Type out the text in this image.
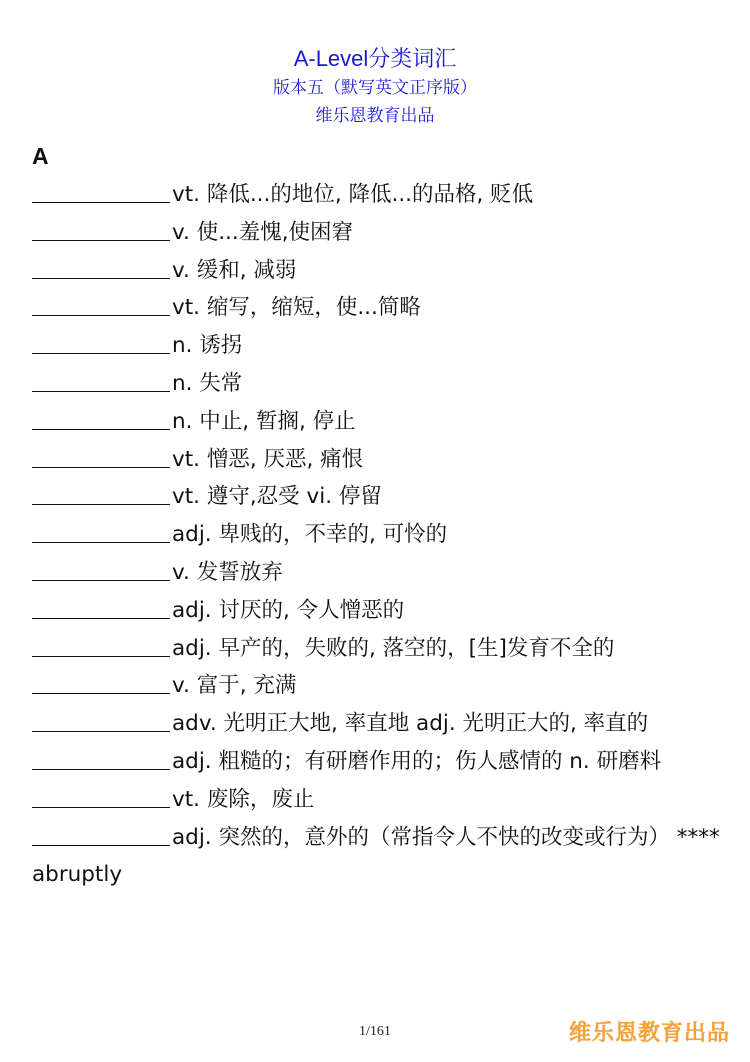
A-Level分类词汇

版本五（默写英文正序版）

维乐恩教育出品

A

vt. 降低...的地位, 降低...的品格, 贬低

v. 使...羞愧,使困窘

v. 缓和, 减弱

vt. 缩写，缩短，使...简略

n. 诱拐

n. 失常

n. 中止, 暂搁, 停止

vt. 憎恶, 厌恶, 痛恨

vt. 遵守,忍受 vi. 停留

adj. 卑贱的，不幸的, 可怜的

v. 发誓放弃

adj. 讨厌的, 令人憎恶的

adj. 早产的，失败的, 落空的，[生]发育不全的

v. 富于, 充满

adv. 光明正大地, 率直地 adj. 光明正大的, 率直的

adj. 粗糙的；有研磨作用的；伤人感情的 n. 研磨料

vt. 废除，废止

adj. 突然的，意外的（常指令人不快的改变或行为） ****abruptly

1/161	维乐恩教育出品
